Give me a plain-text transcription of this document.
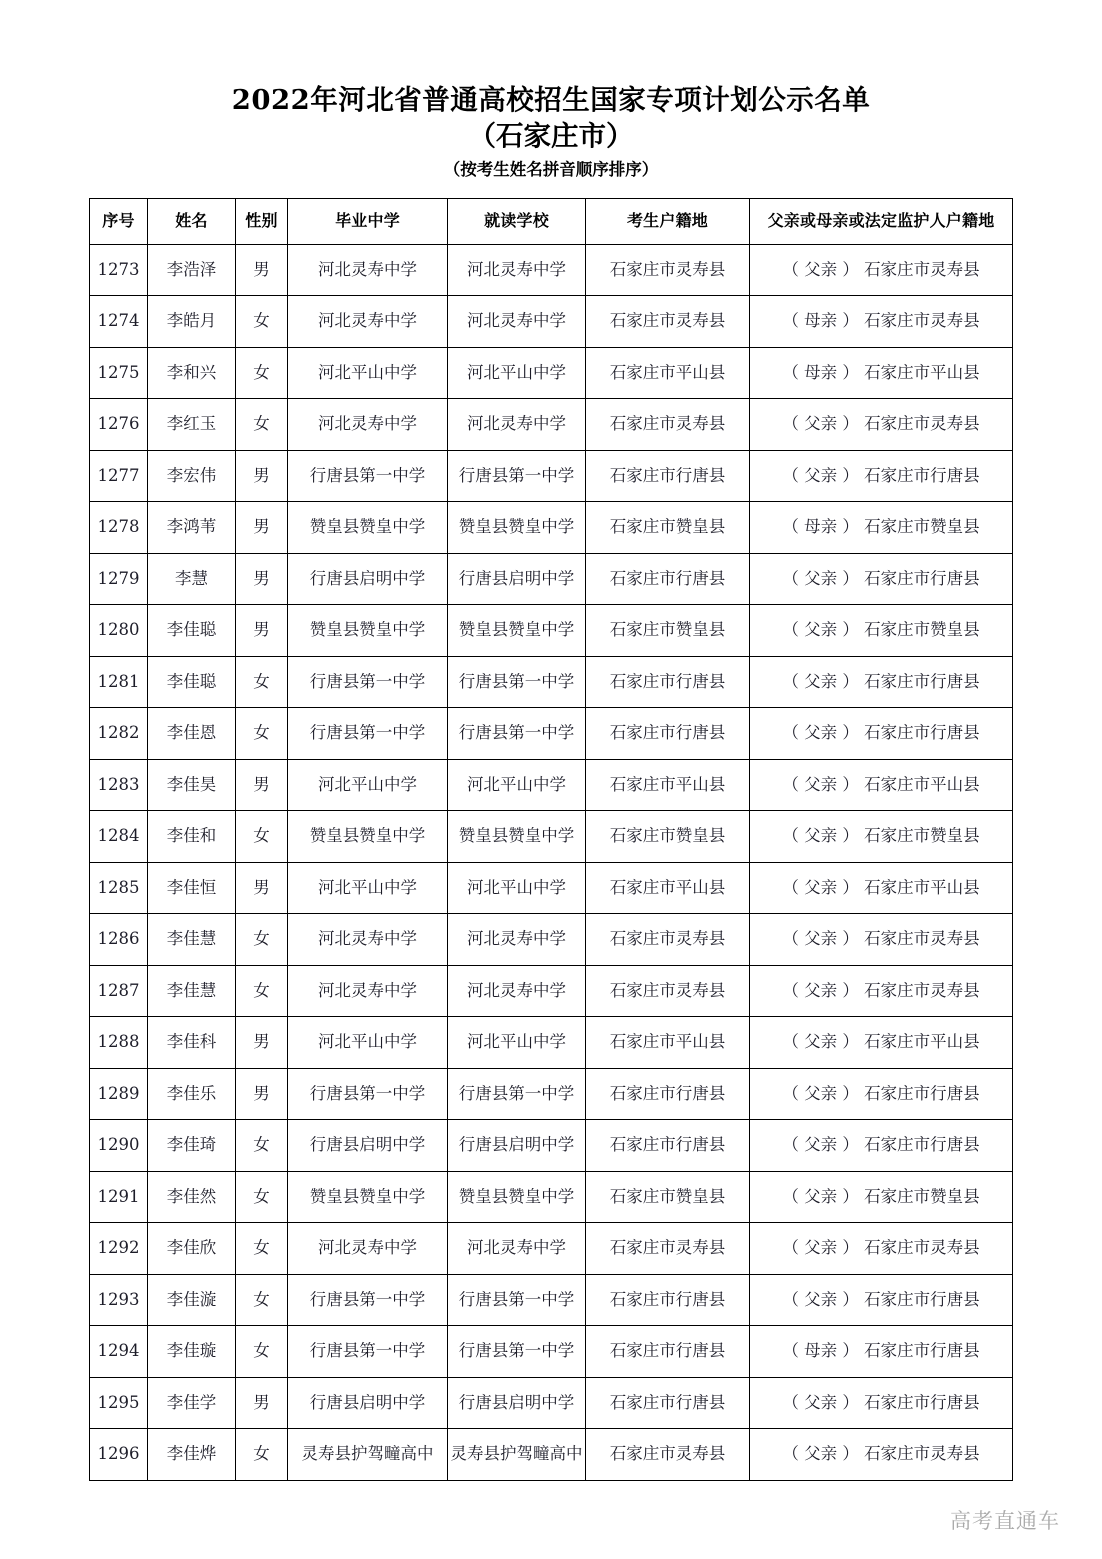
2022年河北省普通高校招生国家专项计划公示名单
（石家庄市）
（按考生姓名拼音顺序排序）
序号	姓名	性别	毕业中学	就读学校	考生户籍地	父亲或母亲或法定监护人户籍地
1273	李浩泽	男	河北灵寿中学	河北灵寿中学	石家庄市灵寿县	（ 父亲 ） 石家庄市灵寿县
1274	李皓月	女	河北灵寿中学	河北灵寿中学	石家庄市灵寿县	（ 母亲 ） 石家庄市灵寿县
1275	李和兴	女	河北平山中学	河北平山中学	石家庄市平山县	（ 母亲 ） 石家庄市平山县
1276	李红玉	女	河北灵寿中学	河北灵寿中学	石家庄市灵寿县	（ 父亲 ） 石家庄市灵寿县
1277	李宏伟	男	行唐县第一中学	行唐县第一中学	石家庄市行唐县	（ 父亲 ） 石家庄市行唐县
1278	李鸿苇	男	赞皇县赞皇中学	赞皇县赞皇中学	石家庄市赞皇县	（ 母亲 ） 石家庄市赞皇县
1279	李慧	男	行唐县启明中学	行唐县启明中学	石家庄市行唐县	（ 父亲 ） 石家庄市行唐县
1280	李佳聪	男	赞皇县赞皇中学	赞皇县赞皇中学	石家庄市赞皇县	（ 父亲 ） 石家庄市赞皇县
1281	李佳聪	女	行唐县第一中学	行唐县第一中学	石家庄市行唐县	（ 父亲 ） 石家庄市行唐县
1282	李佳恩	女	行唐县第一中学	行唐县第一中学	石家庄市行唐县	（ 父亲 ） 石家庄市行唐县
1283	李佳昊	男	河北平山中学	河北平山中学	石家庄市平山县	（ 父亲 ） 石家庄市平山县
1284	李佳和	女	赞皇县赞皇中学	赞皇县赞皇中学	石家庄市赞皇县	（ 父亲 ） 石家庄市赞皇县
1285	李佳恒	男	河北平山中学	河北平山中学	石家庄市平山县	（ 父亲 ） 石家庄市平山县
1286	李佳慧	女	河北灵寿中学	河北灵寿中学	石家庄市灵寿县	（ 父亲 ） 石家庄市灵寿县
1287	李佳慧	女	河北灵寿中学	河北灵寿中学	石家庄市灵寿县	（ 父亲 ） 石家庄市灵寿县
1288	李佳科	男	河北平山中学	河北平山中学	石家庄市平山县	（ 父亲 ） 石家庄市平山县
1289	李佳乐	男	行唐县第一中学	行唐县第一中学	石家庄市行唐县	（ 父亲 ） 石家庄市行唐县
1290	李佳琦	女	行唐县启明中学	行唐县启明中学	石家庄市行唐县	（ 父亲 ） 石家庄市行唐县
1291	李佳然	女	赞皇县赞皇中学	赞皇县赞皇中学	石家庄市赞皇县	（ 父亲 ） 石家庄市赞皇县
1292	李佳欣	女	河北灵寿中学	河北灵寿中学	石家庄市灵寿县	（ 父亲 ） 石家庄市灵寿县
1293	李佳漩	女	行唐县第一中学	行唐县第一中学	石家庄市行唐县	（ 父亲 ） 石家庄市行唐县
1294	李佳璇	女	行唐县第一中学	行唐县第一中学	石家庄市行唐县	（ 母亲 ） 石家庄市行唐县
1295	李佳学	男	行唐县启明中学	行唐县启明中学	石家庄市行唐县	（ 父亲 ） 石家庄市行唐县
1296	李佳烨	女	灵寿县护驾疃高中	灵寿县护驾疃高中	石家庄市灵寿县	（ 父亲 ） 石家庄市灵寿县
高考直通车
